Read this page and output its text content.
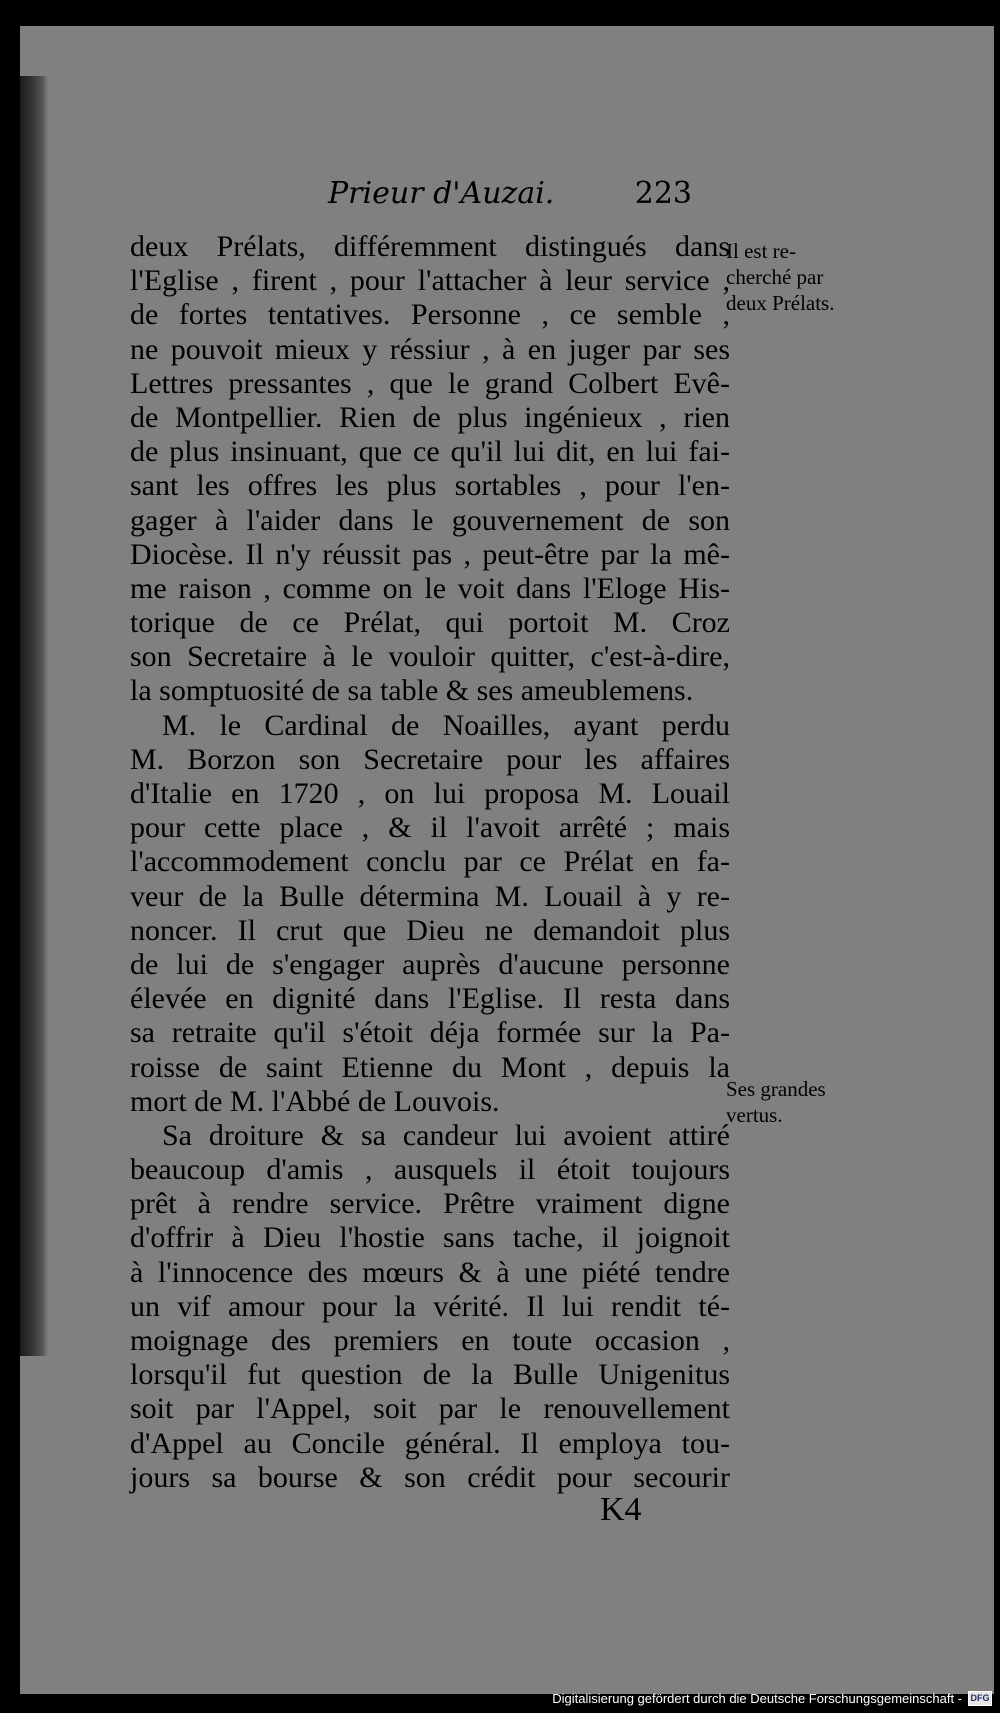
Prieur d'Auzai.	223
deux Prélats, différemment distingués dans
l'Eglise , firent , pour l'attacher à leur service ,
de fortes tentatives. Personne , ce semble ,
ne pouvoit mieux y réssiur , à en juger par ses
Lettres pressantes , que le grand Colbert Evê-
de Montpellier. Rien de plus ingénieux , rien
de plus insinuant, que ce qu'il lui dit, en lui fai-
sant les offres les plus sortables , pour l'en-
gager à l'aider dans le gouvernement de son
Diocèse. Il n'y réussit pas , peut-être par la mê-
me raison , comme on le voit dans l'Eloge His-
torique de ce Prélat, qui portoit M. Croz
son Secretaire à le vouloir quitter, c'est-à-dire,
la somptuosité de sa table & ses ameublemens.
M. le Cardinal de Noailles, ayant perdu
M. Borzon son Secretaire pour les affaires
d'Italie en 1720 , on lui proposa M. Louail
pour cette place , & il l'avoit arrêté ; mais
l'accommodement conclu par ce Prélat en fa-
veur de la Bulle détermina M. Louail à y re-
noncer. Il crut que Dieu ne demandoit plus
de lui de s'engager auprès d'aucune personne
élevée en dignité dans l'Eglise. Il resta dans
sa retraite qu'il s'étoit déja formée sur la Pa-
roisse de saint Etienne du Mont , depuis la
mort de M. l'Abbé de Louvois.
Sa droiture & sa candeur lui avoient attiré
beaucoup d'amis , ausquels il étoit toujours
prêt à rendre service. Prêtre vraiment digne
d'offrir à Dieu l'hostie sans tache, il joignoit
à l'innocence des mœurs & à une piété tendre
un vif amour pour la vérité. Il lui rendit té-
moignage des premiers en toute occasion ,
lorsqu'il fut question de la Bulle Unigenitus
soit par l'Appel, soit par le renouvellement
d'Appel au Concile général. Il employa tou-
jours sa bourse & son crédit pour secourir
Il est re-
cherché par
deux Prélats.
Ses grandes
vertus.
K4
Digitalisierung gefördert durch die Deutsche Forschungsgemeinschaft - DFG
